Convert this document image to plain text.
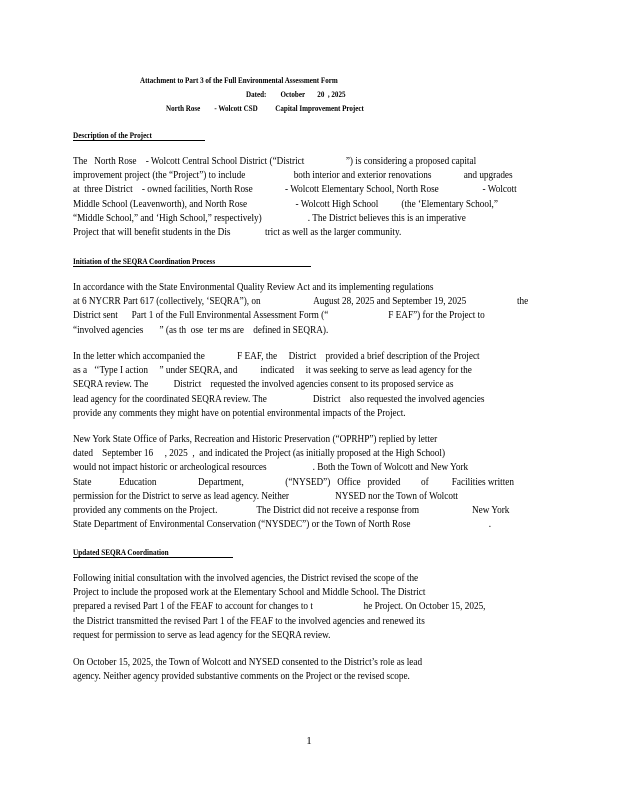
Attachment to Part 3 of the Full Environmental Assessment Form
Dated:        October       20  , 2025
North Rose        - Wolcott CSD          Capital Improvement Project
Description of the Project
The   North Rose    - Wolcott Central School District (“District                  ”) is considering a proposed capital
improvement project (the “Project”) to include                     both interior and exterior renovations              and upgrades
at  three District    - owned facilities, North Rose              - Wolcott Elementary School, North Rose                   - Wolcott
Middle School (Leavenworth), and North Rose                     - Wolcott High School          (the ‘Elementary School,”
“Middle School,” and ‘High School,” respectively)                    . The District believes this is an imperative
Project that will benefit students in the Dis               trict as well as the larger community.
Initiation of the SEQRA Coordination Process
In accordance with the State Environmental Quality Review Act and its implementing regulations
at 6 NYCRR Part 617 (collectively, ‘SEQRA”), on                       August 28, 2025 and September 19, 2025                      the
District sent      Part 1 of the Full Environmental Assessment Form (“                          F EAF”) for the Project to
“involved agencies       ” (as th  ose  ter ms are    defined in SEQRA).
In the letter which accompanied the              F EAF, the     District    provided a brief description of the Project
as a   ‘‘Type I action     ” under SEQRA, and          indicated     it was seeking to serve as lead agency for the
SEQRA review. The           District    requested the involved agencies consent to its proposed service as
lead agency for the coordinated SEQRA review. The                    District    also requested the involved agencies
provide any comments they might have on potential environmental impacts of the Project.
New York State Office of Parks, Recreation and Historic Preservation (“OPRHP”) replied by letter
dated    September 16     , 2025  ,  and indicated the Project (as initially proposed at the High School)
would not impact historic or archeological resources                    . Both the Town of Wolcott and New York
State            Education                  Department,                  (“NYSED”)   Office   provided         of          Facilities written
permission for the District to serve as lead agency. Neither                    NYSED nor the Town of Wolcott
provided any comments on the Project.                 The District did not receive a response from                       New York
State Department of Environmental Conservation (“NYSDEC”) or the Town of North Rose                                  .
Updated SEQRA Coordination
Following initial consultation with the involved agencies, the District revised the scope of the
Project to include the proposed work at the Elementary School and Middle School. The District
prepared a revised Part 1 of the FEAF to account for changes to t                      he Project. On October 15, 2025,
the District transmitted the revised Part 1 of the FEAF to the involved agencies and renewed its
request for permission to serve as lead agency for the SEQRA review.
On October 15, 2025, the Town of Wolcott and NYSED consented to the District’s role as lead
agency. Neither agency provided substantive comments on the Project or the revised scope.
1
